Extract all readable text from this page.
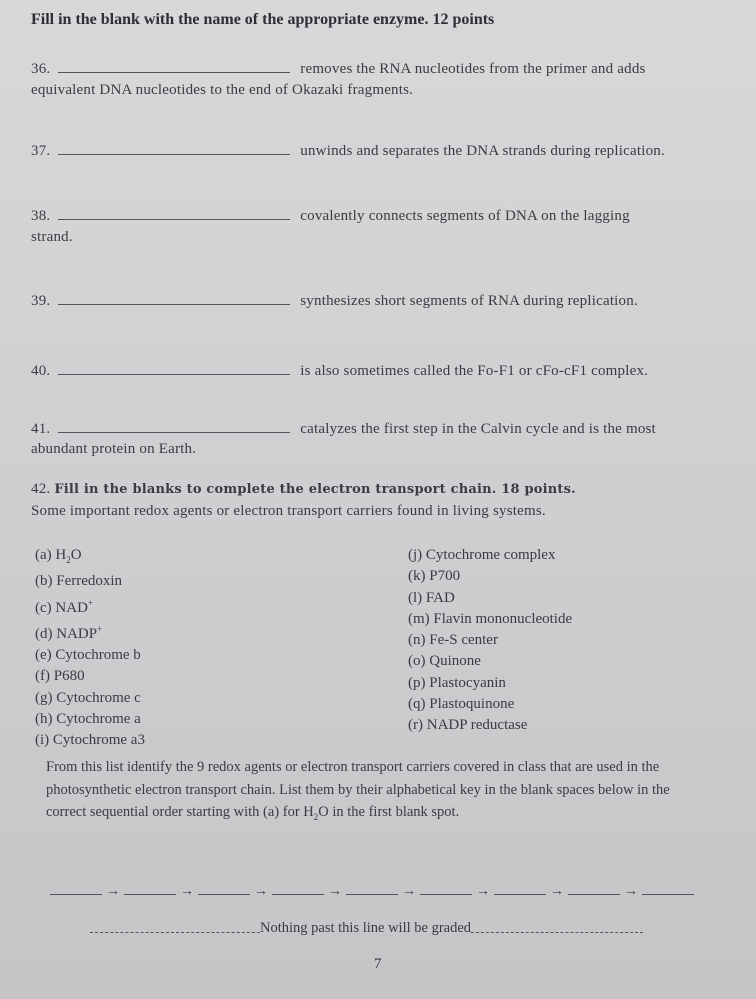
Fill in the blank with the name of the appropriate enzyme. 12 points
36.	removes the RNA nucleotides from the primer and adds
equivalent DNA nucleotides to the end of Okazaki fragments.
37.	unwinds and separates the DNA strands during replication.
38.	covalently connects segments of DNA on the lagging
strand.
39.	synthesizes short segments of RNA during replication.
40.	is also sometimes called the Fo-F1 or cFo-cF1 complex.
41.	catalyzes the first step in the Calvin cycle and is the most
abundant protein on Earth.
42. Fill in the blanks to complete the electron transport chain. 18 points.
Some important redox agents or electron transport carriers found in living systems.
(a) $H_2O$
(b) Ferredoxin
(c) NAD+
(d) NADP+
(e) Cytochrome b
(f) P680
(g) Cytochrome c
(h) Cytochrome a
(i) Cytochrome a3
(j) Cytochrome complex
(k) P700
(l) FAD
(m) Flavin mononucleotide
(n) Fe-S center
(o) Quinone
(p) Plastocyanin
(q) Plastoquinone
(r) NADP reductase
From this list identify the 9 redox agents or electron transport carriers covered in class that are used in the photosynthetic electron transport chain. List them by their alphabetical key in the blank spaces below in the correct sequential order starting with (a) for $H_2O$ in the first blank spot.
→	→	→	→	→	→	→	→
Nothing past this line will be graded
7
